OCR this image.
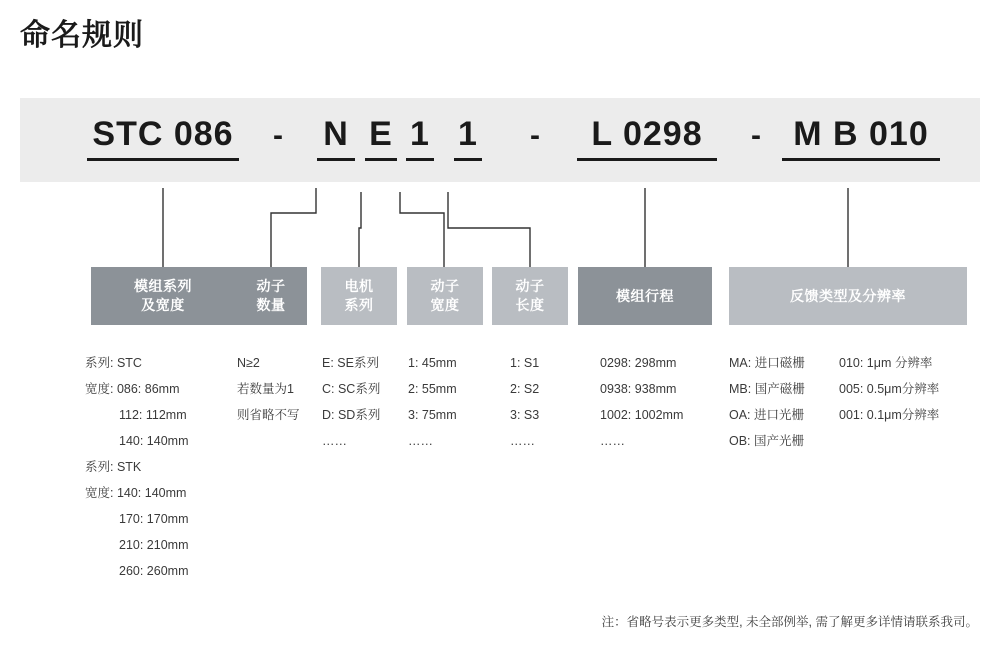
命名规则
STC 086	- N E 1 1	-	L 0298	- M B 010
模组系列
及宽度
动子
数量
电机
系列
动子
宽度
动子
长度
模组行程	反馈类型及分辨率
系列: STC
宽度: 086: 86mm
112: 112mm
140: 140mm
系列: STK
宽度: 140: 140mm
170: 170mm
210: 210mm
260: 260mm
N≥2
若数量为1
则省略不写
E: SE系列
C: SC系列
D: SD系列
……
1: 45mm
2: 55mm
3: 75mm
……
1: S1
2: S2
3: S3
……
0298: 298mm
0938: 938mm
1002: 1002mm
……
MA: 进口磁栅
MB: 国产磁栅
OA: 进口光栅
OB: 国产光栅
010: 1μm 分辨率
005: 0.5μm分辨率
001: 0.1μm分辨率
注：省略号表示更多类型, 未全部例举, 需了解更多详情请联系我司。
